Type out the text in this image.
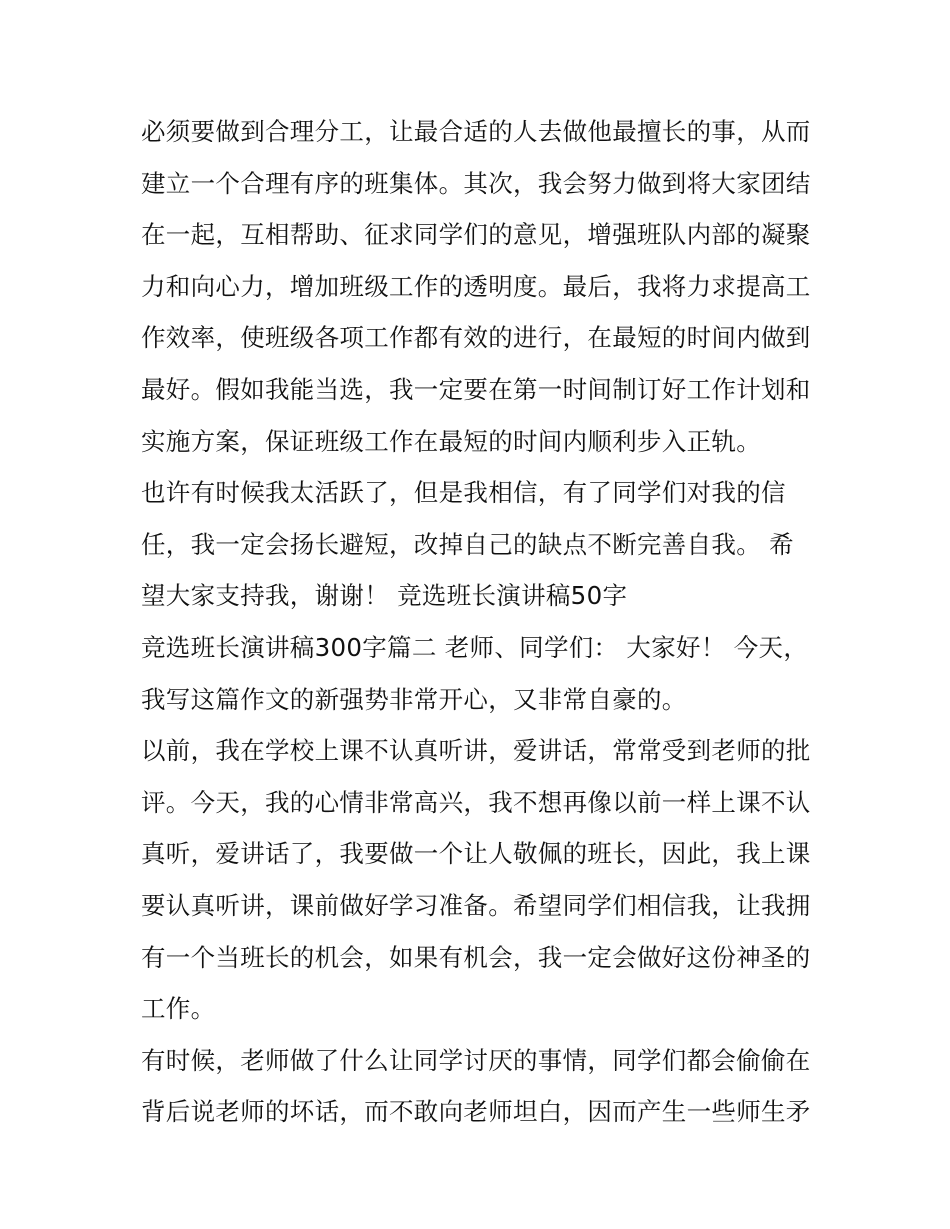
必须要做到合理分工，让最合适的人去做他最擅长的事，从而
建立一个合理有序的班集体。其次，我会努力做到将大家团结
在一起，互相帮助、征求同学们的意见，增强班队内部的凝聚
力和向心力，增加班级工作的透明度。最后，我将力求提高工
作效率，使班级各项工作都有效的进行，在最短的时间内做到
最好。假如我能当选，我一定要在第一时间制订好工作计划和
实施方案，保证班级工作在最短的时间内顺利步入正轨。
也许有时候我太活跃了，但是我相信，有了同学们对我的信
任，我一定会扬长避短，改掉自己的缺点不断完善自我。 希
望大家支持我，谢谢！ 竞选班长演讲稿50字
竞选班长演讲稿300字篇二 老师、同学们： 大家好！ 今天，
我写这篇作文的新强势非常开心，又非常自豪的。
以前，我在学校上课不认真听讲，爱讲话，常常受到老师的批
评。今天，我的心情非常高兴，我不想再像以前一样上课不认
真听，爱讲话了，我要做一个让人敬佩的班长，因此，我上课
要认真听讲，课前做好学习准备。希望同学们相信我，让我拥
有一个当班长的机会，如果有机会，我一定会做好这份神圣的
工作。
有时候，老师做了什么让同学讨厌的事情，同学们都会偷偷在
背后说老师的坏话，而不敢向老师坦白，因而产生一些师生矛
